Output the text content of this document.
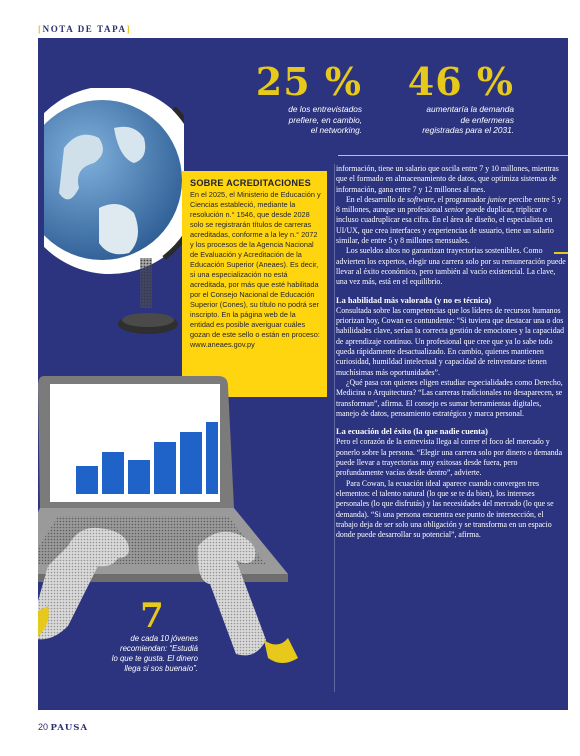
[NOTA DE TAPA]
25 %
de los entrevistados
prefiere, en cambio,
el networking.
46 %
aumentaría la demanda
de enfermeras
registradas para el 2031.
SOBRE ACREDITACIONES
En el 2025, el Ministerio de Educación y Ciencias estableció, mediante la resolución n.° 1546, que desde 2028 solo se registrarán títulos de carreras acreditadas, conforme a la ley n.° 2072 y los procesos de la Agencia Nacional de Evaluación y Acreditación de la Educación Superior (Aneaes). Es decir, si una especialización no está acreditada, por más que esté habilitada por el Consejo Nacional de Educación Superior (Cones), su título no podrá ser inscripto. En la página web de la entidad es posible averiguar cuáles gozan de este sello o están en proceso: www.aneaes.gov.py

información, tiene un salario que oscila entre 7 y 10 millones, mientras que el formado en almacenamiento de datos, que optimiza sistemas de información, gana entre 7 y 12 millones al mes.

En el desarrollo de software, el programador junior percibe entre 5 y 8 millones, aunque un profesional senior puede duplicar, triplicar o incluso cuadruplicar esa cifra. En el área de diseño, el especialista en UI/UX, que crea interfaces y experiencias de usuario, tiene un salario similar, de entre 5 y 8 millones mensuales.

Los sueldos altos no garantizan trayectorias sostenibles. Como advierten los expertos, elegir una carrera solo por su remuneración puede llevar al éxito económico, pero también al vacío existencial. La clave, una vez más, está en el equilibrio.

La habilidad más valorada (y no es técnica)

Consultada sobre las competencias que los líderes de recursos humanos priorizan hoy, Cowan es contundente: “Si tuviera que destacar una o dos habilidades clave, serían la correcta gestión de emociones y la capacidad de aprendizaje continuo. Un profesional que cree que ya lo sabe todo queda rápidamente desactualizado. En cambio, quienes mantienen curiosidad, humildad intelectual y capacidad de reinventarse tienen muchísimas más oportunidades”.

¿Qué pasa con quienes eligen estudiar especialidades como Derecho, Medicina o Arquitectura? “Las carreras tradicionales no desaparecen, se transforman”, afirma. El consejo es sumar herramientas digitales, manejo de datos, pensamiento estratégico y marca personal.

La ecuación del éxito (la que nadie cuenta)

Pero el corazón de la entrevista llega al correr el foco del mercado y ponerlo sobre la persona. “Elegir una carrera solo por dinero o demanda puede llevar a trayectorias muy exitosas desde fuera, pero profundamente vacías desde dentro”, advierte.

Para Cowan, la ecuación ideal aparece cuando convergen tres elementos: el talento natural (lo que se te da bien), los intereses personales (lo que disfrutás) y las necesidades del mercado (lo que se demanda). “Si una persona encuentra ese punto de intersección, el trabajo deja de ser solo una obligación y se transforma en un espacio donde puede desarrollar su potencial”, afirma.

7
de cada 10 jóvenes
recomiendan: “Estudiá
lo que te gusta. El dinero
llega si sos buenaío”.
20 PAUSA
